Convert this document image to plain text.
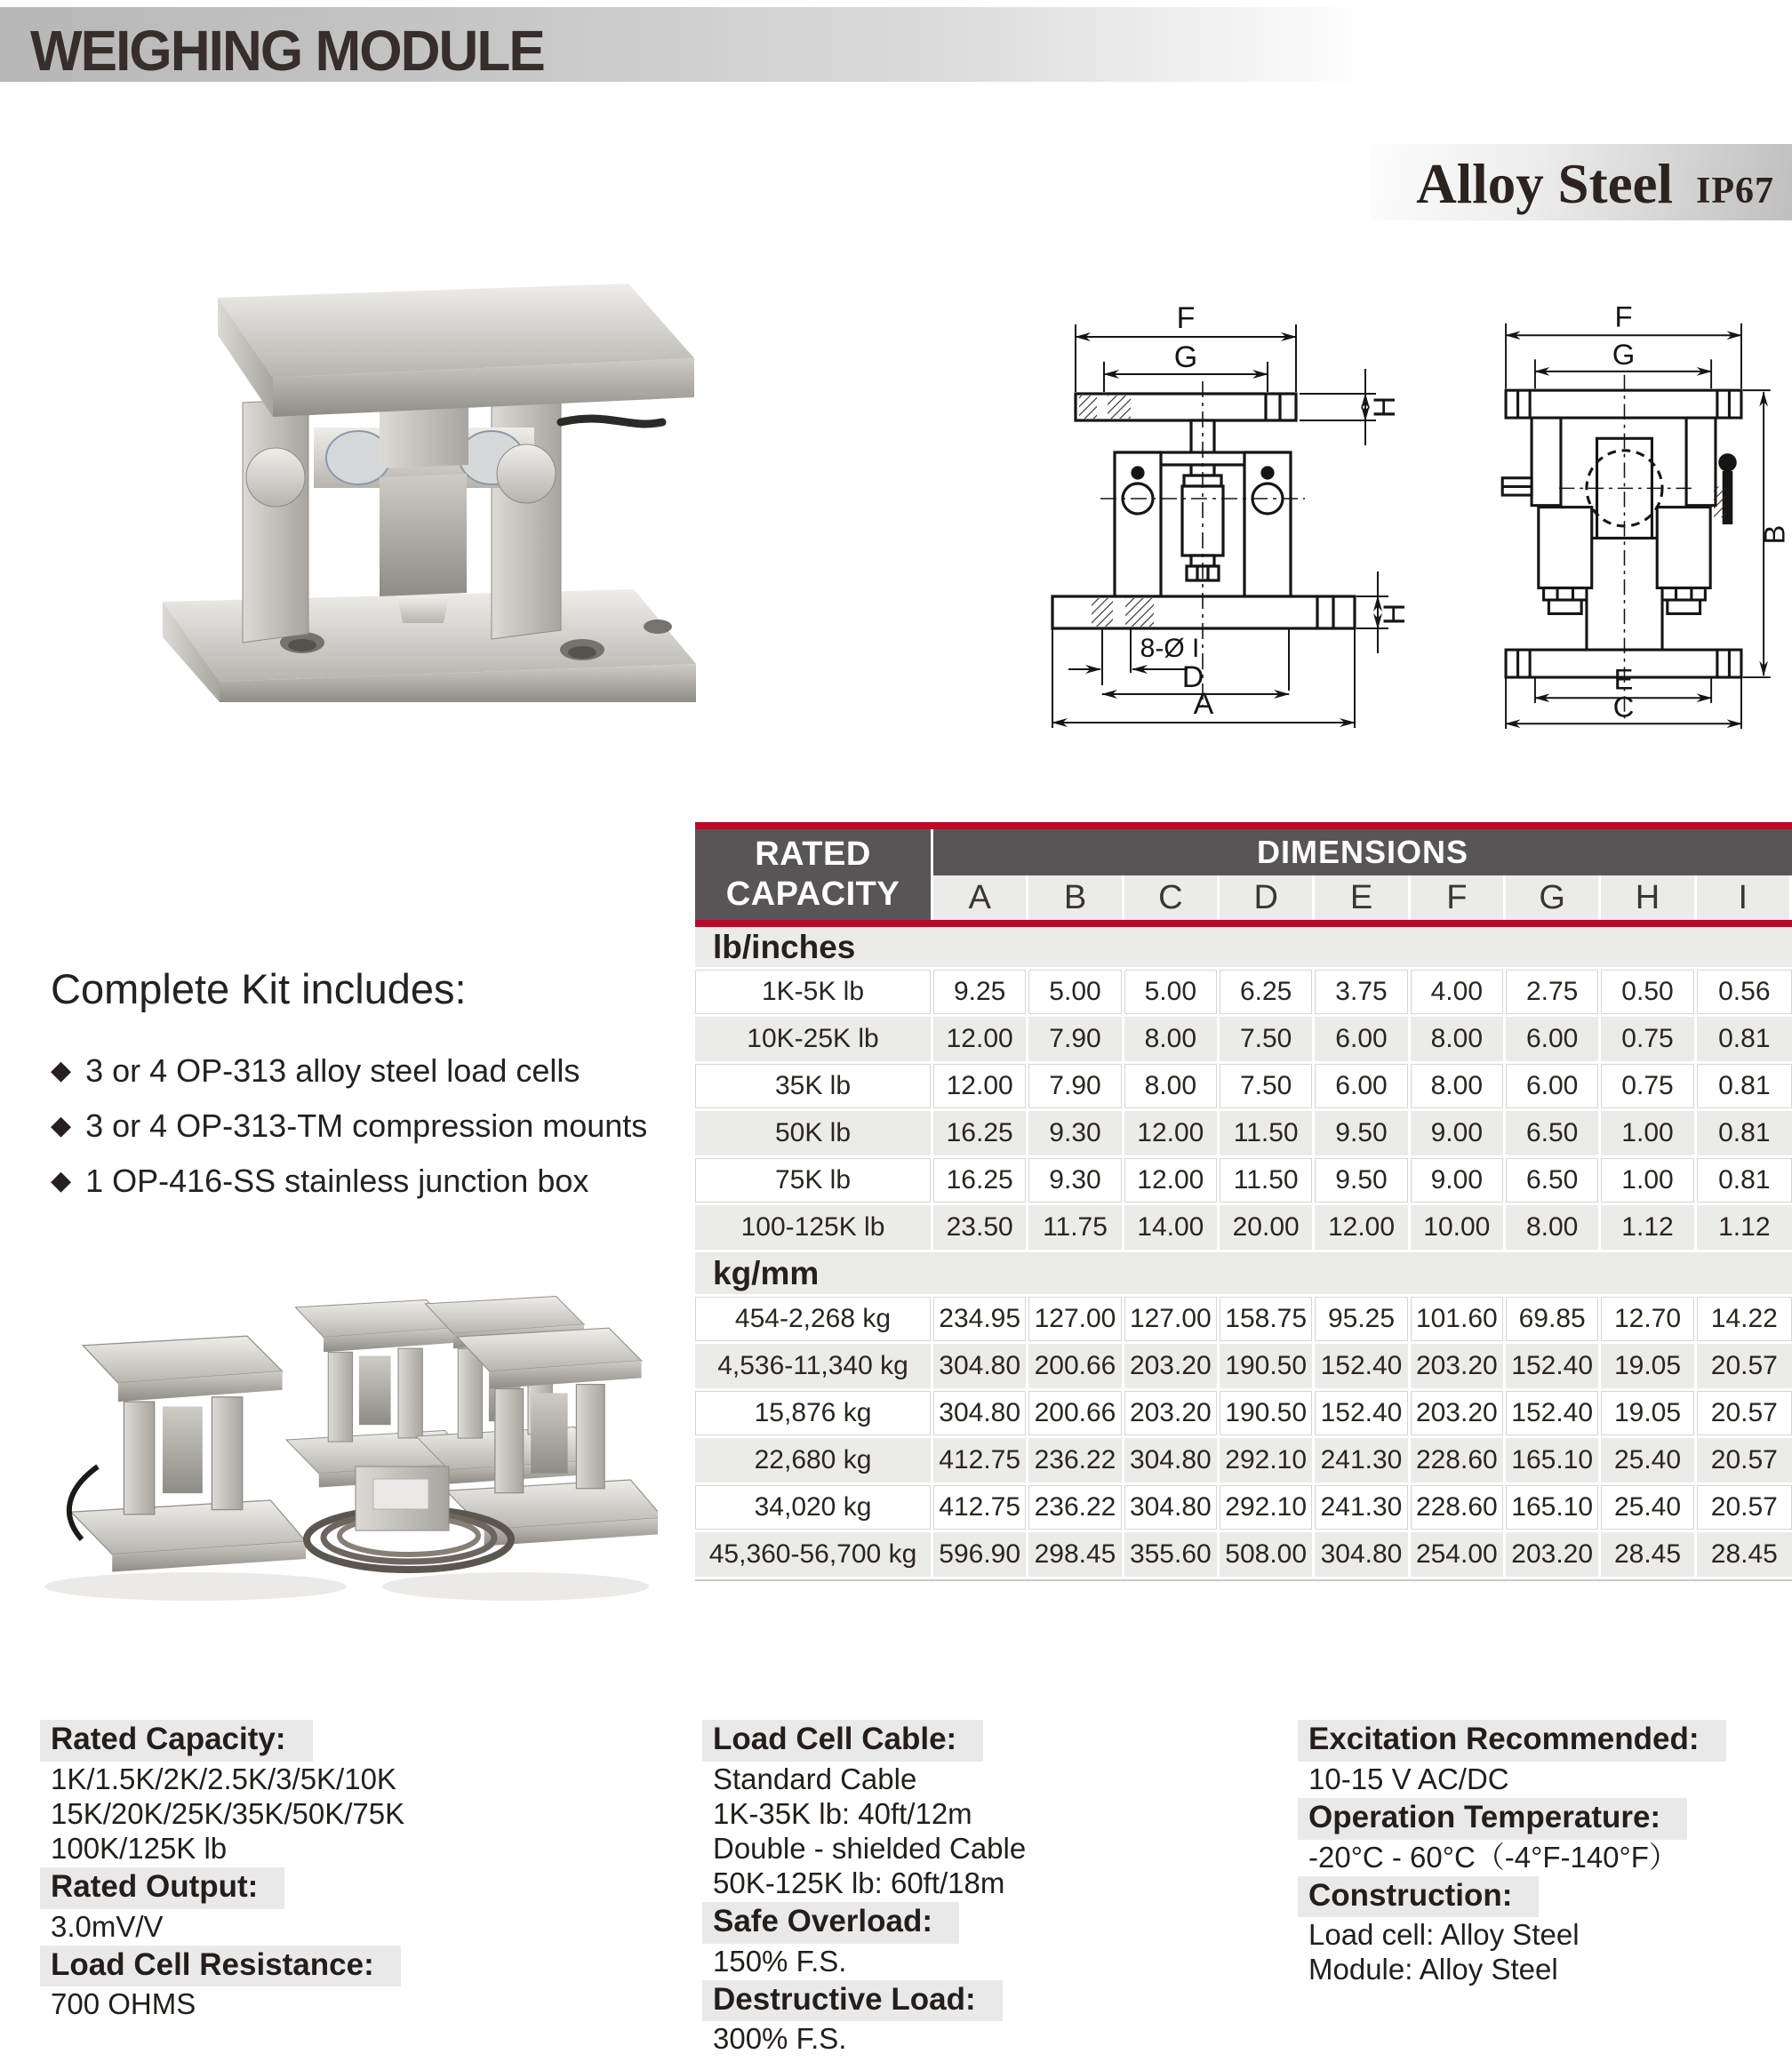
WEIGHING MODULE
Alloy Steel IP67
F
G
H
H
8-Ø I
D
A
F
G
B
E
C
Complete Kit includes:
◆ 3 or 4 OP-313 alloy steel load cells
◆ 3 or 4 OP-313-TM compression mounts
◆ 1 OP-416-SS stainless junction box
RATED
CAPACITY
DIMENSIONS
A	B	C	D	E	F	G	H	I
lb/inches
1K-5K lb	9.25	5.00	5.00	6.25	3.75	4.00	2.75	0.50	0.56
10K-25K lb	12.00	7.90	8.00	7.50	6.00	8.00	6.00	0.75	0.81
35K lb	12.00	7.90	8.00	7.50	6.00	8.00	6.00	0.75	0.81
50K lb	16.25	9.30	12.00	11.50	9.50	9.00	6.50	1.00	0.81
75K lb	16.25	9.30	12.00	11.50	9.50	9.00	6.50	1.00	0.81
100-125K lb	23.50	11.75	14.00	20.00	12.00	10.00	8.00	1.12	1.12
kg/mm
454-2,268 kg	234.95 127.00 127.00 158.75 95.25 101.60 69.85	12.70	14.22
4,536-11,340 kg	304.80 200.66 203.20 190.50 152.40 203.20 152.40 19.05	20.57
15,876 kg	304.80 200.66 203.20 190.50 152.40 203.20 152.40 19.05	20.57
22,680 kg	412.75 236.22 304.80 292.10 241.30 228.60 165.10 25.40	20.57
34,020 kg	412.75 236.22 304.80 292.10 241.30 228.60 165.10 25.40	20.57
45,360-56,700 kg 596.90 298.45 355.60 508.00 304.80 254.00 203.20 28.45	28.45
Rated Capacity:
1K/1.5K/2K/2.5K/3/5K/10K
15K/20K/25K/35K/50K/75K
100K/125K lb
Rated Output:
3.0mV/V
Load Cell Resistance:
700 OHMS
Load Cell Cable:
Standard Cable
1K-35K lb: 40ft/12m
Double - shielded Cable
50K-125K lb: 60ft/18m
Safe Overload:
150% F.S.
Destructive Load:
300% F.S.
Excitation Recommended:
10-15 V AC/DC
Operation Temperature:
-20°C - 60°C（-4°F-140°F）
Construction:
Load cell: Alloy Steel
Module: Alloy Steel
